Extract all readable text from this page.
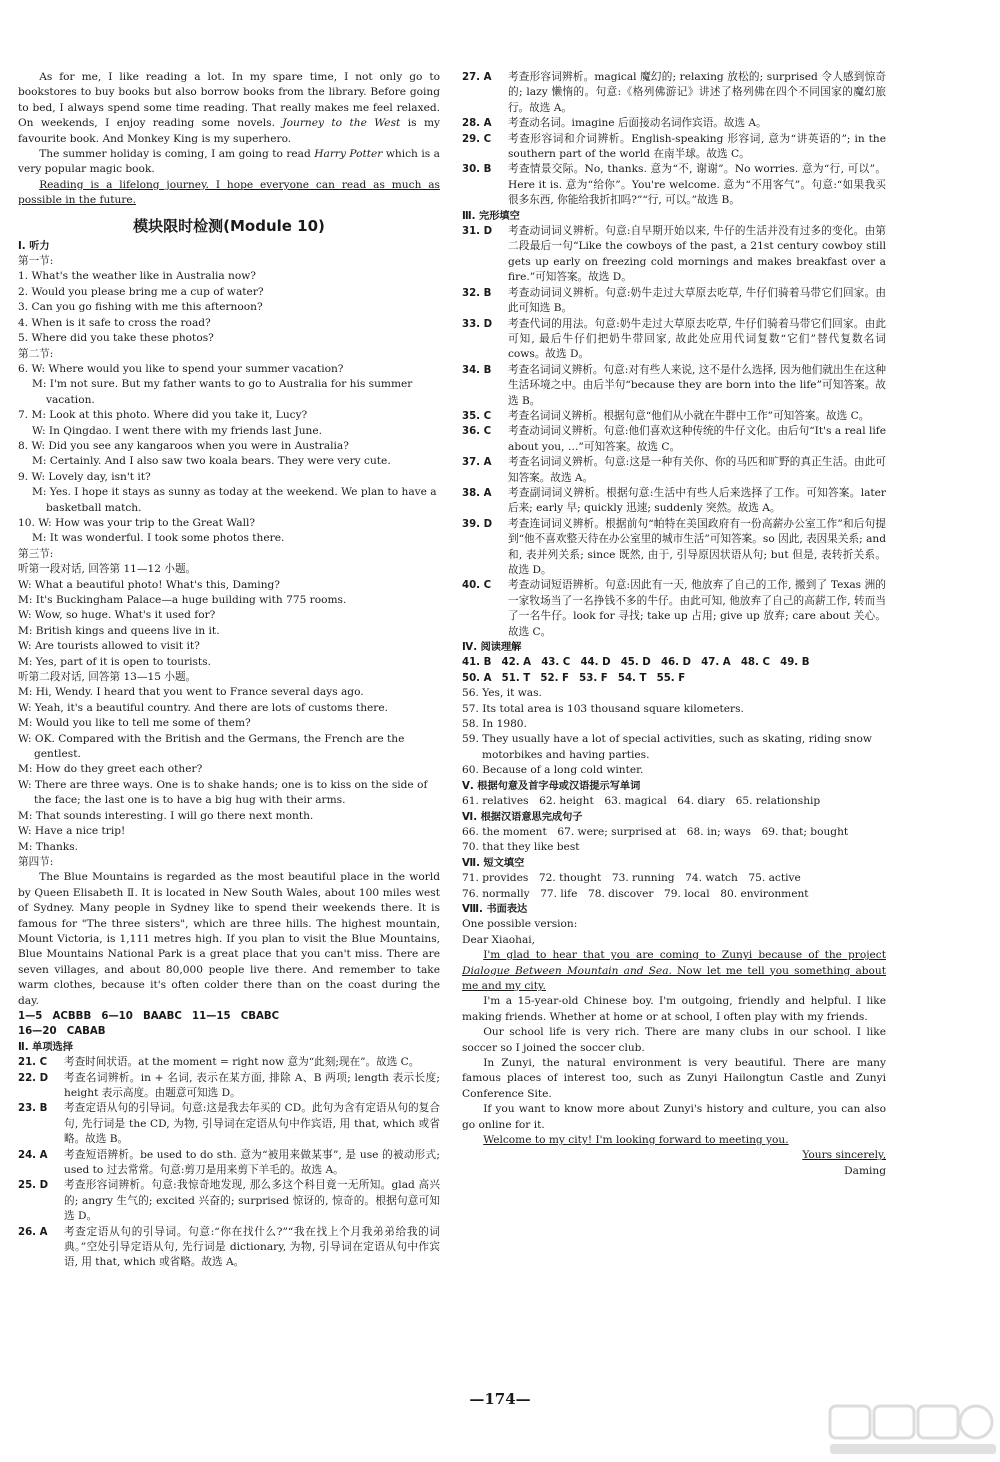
As for me, I like reading a lot. In my spare time, I not only go to bookstores to buy books but also borrow books from the library. Before going to bed, I always spend some time reading. That really makes me feel relaxed. On weekends, I enjoy reading some novels. Journey to the West is my favourite book. And Monkey King is my superhero.

The summer holiday is coming, I am going to read Harry Potter which is a very popular magic book.

Reading is a lifelong journey. I hope everyone can read as much as possible in the future.

模块限时检测(Module 10)

Ⅰ. 听力

第一节:

1. What's the weather like in Australia now?

2. Would you please bring me a cup of water?

3. Can you go fishing with me this afternoon?

4. When is it safe to cross the road?

5. Where did you take these photos?

第二节:

6. W: Where would you like to spend your summer vacation?

M: I'm not sure. But my father wants to go to Australia for his summer vacation.

7. M: Look at this photo. Where did you take it, Lucy?

W: In Qingdao. I went there with my friends last June.

8. W: Did you see any kangaroos when you were in Australia?

M: Certainly. And I also saw two koala bears. They were very cute.

9. W: Lovely day, isn't it?

M: Yes. I hope it stays as sunny as today at the weekend. We plan to have a basketball match.

10. W: How was your trip to the Great Wall?

M: It was wonderful. I took some photos there.

第三节:

听第一段对话, 回答第 11—12 小题。

W: What a beautiful photo! What's this, Daming?

M: It's Buckingham Palace—a huge building with 775 rooms.

W: Wow, so huge. What's it used for?

M: British kings and queens live in it.

W: Are tourists allowed to visit it?

M: Yes, part of it is open to tourists.

听第二段对话, 回答第 13—15 小题。

M: Hi, Wendy. I heard that you went to France several days ago.

W: Yeah, it's a beautiful country. And there are lots of customs there.

M: Would you like to tell me some of them?

W: OK. Compared with the British and the Germans, the French are the gentlest.

M: How do they greet each other?

W: There are three ways. One is to shake hands; one is to kiss on the side of the face; the last one is to have a big hug with their arms.

M: That sounds interesting. I will go there next month.

W: Have a nice trip!

M: Thanks.

第四节:

The Blue Mountains is regarded as the most beautiful place in the world by Queen Elisabeth Ⅱ. It is located in New South Wales, about 100 miles west of Sydney. Many people in Sydney like to spend their weekends there. It is famous for "The three sisters", which are three hills. The highest mountain, Mount Victoria, is 1,111 metres high. If you plan to visit the Blue Mountains, Blue Mountains National Park is a great place that you can't miss. There are seven villages, and about 80,000 people live there. And remember to take warm clothes, because it's often colder there than on the coast during the day.

1—5　ACBBB　6—10　BAABC　11—15　CBABC

16—20　CABAB

Ⅱ. 单项选择

21. C 考查时间状语。at the moment = right now 意为“此刻;现在”。故选 C。
22. D 考查名词辨析。in + 名词, 表示在某方面, 排除 A、B 两项; length 表示长度; height 表示高度。由题意可知选 D。
23. B 考查定语从句的引导词。句意:这是我去年买的 CD。此句为含有定语从句的复合句, 先行词是 the CD, 为物, 引导词在定语从句中作宾语, 用 that, which 或省略。故选 B。
24. A 考查短语辨析。be used to do sth. 意为“被用来做某事”, 是 use 的被动形式; used to 过去常常。句意:剪刀是用来剪下羊毛的。故选 A。
25. D 考查形容词辨析。句意:我惊奇地发现, 那么多这个科目竟一无所知。glad 高兴的; angry 生气的; excited 兴奋的; surprised 惊讶的, 惊奇的。根据句意可知选 D。
26. A 考查定语从句的引导词。句意:“你在找什么?”“我在找上个月我弟弟给我的词典。”空处引导定语从句, 先行词是 dictionary, 为物, 引导词在定语从句中作宾语, 用 that, which 或省略。故选 A。
27. A 考查形容词辨析。magical 魔幻的; relaxing 放松的; surprised 令人感到惊奇的; lazy 懒惰的。句意:《格列佛游记》讲述了格列佛在四个不同国家的魔幻旅行。故选 A。
28. A 考查动名词。imagine 后面接动名词作宾语。故选 A。
29. C 考查形容词和介词辨析。English-speaking 形容词, 意为“讲英语的”; in the southern part of the world 在南半球。故选 C。
30. B 考查情景交际。No, thanks. 意为“不, 谢谢”。No worries. 意为“行, 可以”。Here it is. 意为“给你”。You're welcome. 意为“不用客气”。句意:“如果我买很多东西, 你能给我折扣吗?”“行, 可以。”故选 B。

Ⅲ. 完形填空

31. D 考查动词词义辨析。句意:自早期开始以来, 牛仔的生活并没有过多的变化。由第二段最后一句“Like the cowboys of the past, a 21st century cowboy still gets up early on freezing cold mornings and makes breakfast over a fire.”可知答案。故选 D。
32. B 考查动词词义辨析。句意:奶牛走过大草原去吃草, 牛仔们骑着马带它们回家。由此可知选 B。
33. D 考查代词的用法。句意:奶牛走过大草原去吃草, 牛仔们骑着马带它们回家。由此可知, 最后牛仔们把奶牛带回家, 故此处应用代词复数“它们”替代复数名词 cows。故选 D。
34. B 考查名词词义辨析。句意:对有些人来说, 这不是什么选择, 因为他们就出生在这种生活环境之中。由后半句“because they are born into the life”可知答案。故选 B。
35. C 考查名词词义辨析。根据句意“他们从小就在牛群中工作”可知答案。故选 C。
36. C 考查动词词义辨析。句意:他们喜欢这种传统的牛仔文化。由后句“It's a real life about you, …”可知答案。故选 C。
37. A 考查名词词义辨析。句意:这是一种有关你、你的马匹和旷野的真正生活。由此可知答案。故选 A。
38. A 考查副词词义辨析。根据句意:生活中有些人后来选择了工作。可知答案。later 后来; early 早; quickly 迅速; suddenly 突然。故选 A。
39. D 考查连词词义辨析。根据前句“帕特在美国政府有一份高薪办公室工作”和后句提到“他不喜欢整天待在办公室里的城市生活”可知答案。so 因此, 表因果关系; and 和, 表并列关系; since 既然, 由于, 引导原因状语从句; but 但是, 表转折关系。故选 D。
40. C 考查动词短语辨析。句意:因此有一天, 他放弃了自己的工作, 搬到了 Texas 洲的一家牧场当了一名挣钱不多的牛仔。由此可知, 他放弃了自己的高薪工作, 转而当了一名牛仔。look for 寻找; take up 占用; give up 放弃; care about 关心。故选 C。

Ⅳ. 阅读理解

41. B　42. A　43. C　44. D　45. D　46. D　47. A　48. C　49. B

50. A　51. T　52. F　53. F　54. T　55. F

56. Yes, it was.

57. Its total area is 103 thousand square kilometers.

58. In 1980.

59. They usually have a lot of special activities, such as skating, riding snow motorbikes and having parties.

60. Because of a long cold winter.

Ⅴ. 根据句意及首字母或汉语提示写单词

61. relatives　62. height　63. magical　64. diary　65. relationship

Ⅵ. 根据汉语意思完成句子

66. the moment　67. were; surprised at　68. in; ways　69. that; bought

70. that they like best

Ⅶ. 短文填空

71. provides　72. thought　73. running　74. watch　75. active

76. normally　77. life　78. discover　79. local　80. environment

Ⅷ. 书面表达

One possible version:

Dear Xiaohai,

I'm glad to hear that you are coming to Zunyi because of the project Dialogue Between Mountain and Sea. Now let me tell you something about me and my city.

I'm a 15-year-old Chinese boy. I'm outgoing, friendly and helpful. I like making friends. Whether at home or at school, I often play with my friends.

Our school life is very rich. There are many clubs in our school. I like soccer so I joined the soccer club.

In Zunyi, the natural environment is very beautiful. There are many famous places of interest too, such as Zunyi Hailongtun Castle and Zunyi Conference Site.

If you want to know more about Zunyi's history and culture, you can also go online for it.

Welcome to my city! I'm looking forward to meeting you.

Yours sincerely,

Daming

—174—
